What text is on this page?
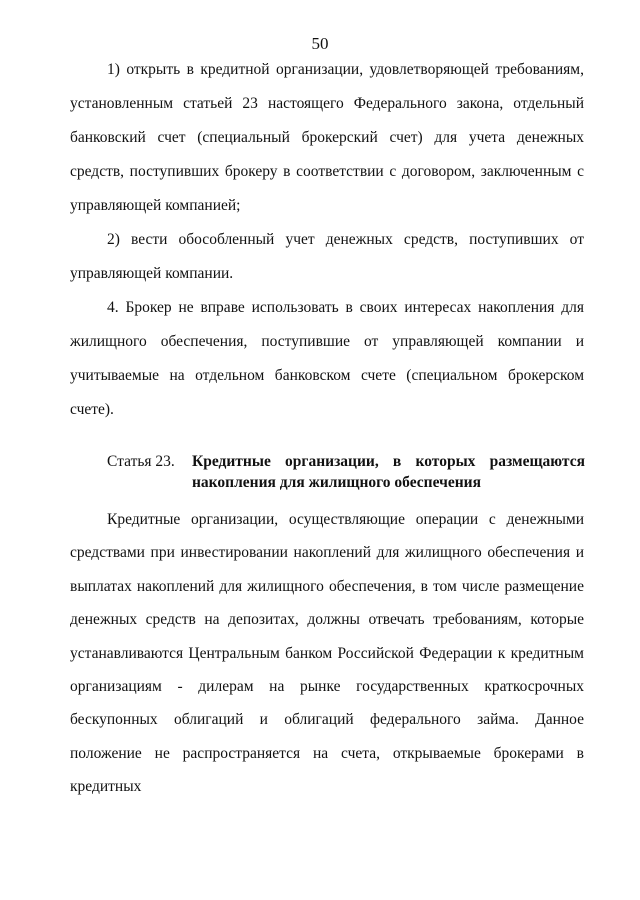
50

1) открыть в кредитной организации, удовлетворяющей требованиям, установленным статьей 23 настоящего Федерального закона, отдельный банковский счет (специальный брокерский счет) для учета денежных средств, поступивших брокеру в соответствии с договором, заключенным с управляющей компанией;

2) вести обособленный учет денежных средств, поступивших от управляющей компании.

4. Брокер не вправе использовать в своих интересах накопления для жилищного обеспечения, поступившие от управляющей компании и учитываемые на отдельном банковском счете (специальном брокерском счете).

Статья 23.	Кредитные организации, в которых размещаются накопления для жилищного обеспечения

Кредитные организации, осуществляющие операции с денежными средствами при инвестировании накоплений для жилищного обеспечения и выплатах накоплений для жилищного обеспечения, в том числе размещение денежных средств на депозитах, должны отвечать требованиям, которые устанавливаются Центральным банком Российской Федерации к кредитным организациям - дилерам на рынке государственных краткосрочных бескупонных облигаций и облигаций федерального займа. Данное положение не распространяется на счета, открываемые брокерами в кредитных
